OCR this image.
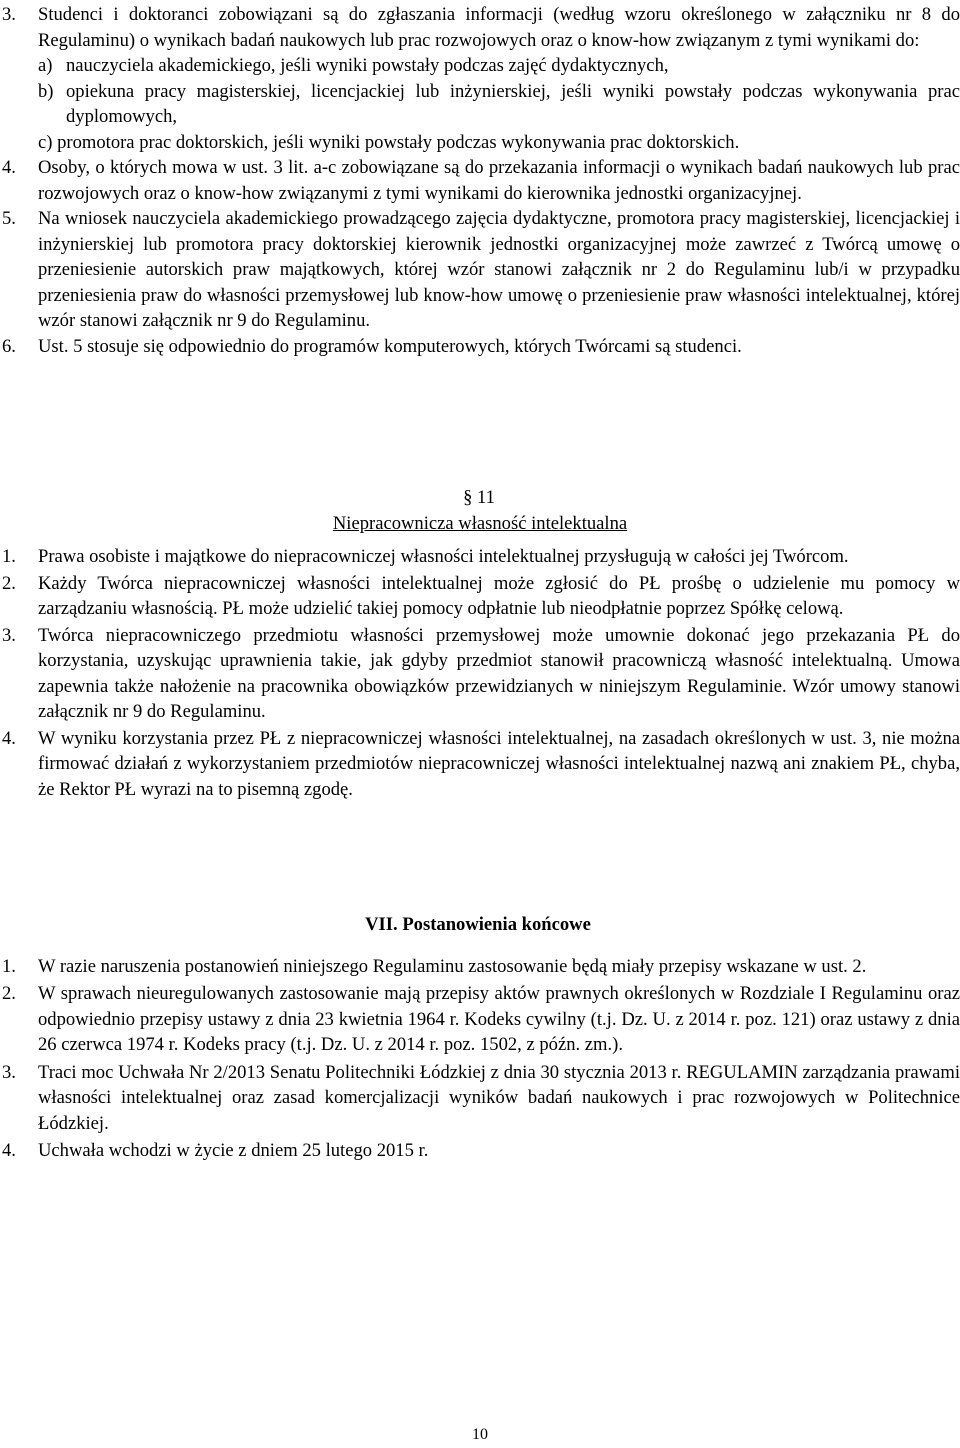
3. Studenci i doktoranci zobowiązani są do zgłaszania informacji (według wzoru określonego w załączniku nr 8 do Regulaminu) o wynikach badań naukowych lub prac rozwojowych oraz o know-how związanym z tymi wynikami do:
a) nauczyciela akademickiego, jeśli wyniki powstały podczas zajęć dydaktycznych,
b) opiekuna pracy magisterskiej, licencjackiej lub inżynierskiej, jeśli wyniki powstały podczas wykonywania prac dyplomowych,
c) promotora prac doktorskich, jeśli wyniki powstały podczas wykonywania prac doktorskich.
4. Osoby, o których mowa w ust. 3 lit. a-c zobowiązane są do przekazania informacji o wynikach badań naukowych lub prac rozwojowych oraz o know-how związanymi z tymi wynikami do kierownika jednostki organizacyjnej.
5. Na wniosek nauczyciela akademickiego prowadzącego zajęcia dydaktyczne, promotora pracy magisterskiej, licencjackiej i inżynierskiej lub promotora pracy doktorskiej kierownik jednostki organizacyjnej może zawrzeć z Twórcą umowę o przeniesienie autorskich praw majątkowych, której wzór stanowi załącznik nr 2 do Regulaminu lub/i w przypadku przeniesienia praw do własności przemysłowej lub know-how umowę o przeniesienie praw własności intelektualnej, której wzór stanowi załącznik nr 9 do Regulaminu.
6. Ust. 5 stosuje się odpowiednio do programów komputerowych, których Twórcami są studenci.
§ 11
Niepracownicza własność intelektualna
1. Prawa osobiste i majątkowe do niepracowniczej własności intelektualnej przysługują w całości jej Twórcom.
2. Każdy Twórca niepracowniczej własności intelektualnej może zgłosić do PŁ prośbę o udzielenie mu pomocy w zarządzaniu własnością. PŁ może udzielić takiej pomocy odpłatnie lub nieodpłatnie poprzez Spółkę celową.
3. Twórca niepracowniczego przedmiotu własności przemysłowej może umownie dokonać jego przekazania PŁ do korzystania, uzyskując uprawnienia takie, jak gdyby przedmiot stanowił pracowniczą własność intelektualną. Umowa zapewnia także nałożenie na pracownika obowiązków przewidzianych w niniejszym Regulaminie. Wzór umowy stanowi załącznik nr 9 do Regulaminu.
4. W wyniku korzystania przez PŁ z niepracowniczej własności intelektualnej, na zasadach określonych w ust. 3, nie można firmować działań z wykorzystaniem przedmiotów niepracowniczej własności intelektualnej nazwą ani znakiem PŁ, chyba, że Rektor PŁ wyrazi na to pisemną zgodę.
VII. Postanowienia końcowe
1. W razie naruszenia postanowień niniejszego Regulaminu zastosowanie będą miały przepisy wskazane w ust. 2.
2. W sprawach nieuregulowanych zastosowanie mają przepisy aktów prawnych określonych w Rozdziale I Regulaminu oraz odpowiednio przepisy ustawy z dnia 23 kwietnia 1964 r. Kodeks cywilny (t.j. Dz. U. z 2014 r. poz. 121) oraz ustawy z dnia 26 czerwca 1974 r. Kodeks pracy (t.j. Dz. U. z 2014 r. poz. 1502, z późn. zm.).
3. Traci moc Uchwała Nr 2/2013 Senatu Politechniki Łódzkiej z dnia 30 stycznia 2013 r. REGULAMIN zarządzania prawami własności intelektualnej oraz zasad komercjalizacji wyników badań naukowych i prac rozwojowych w Politechnice Łódzkiej.
4. Uchwała wchodzi w życie z dniem 25 lutego 2015 r.
10
